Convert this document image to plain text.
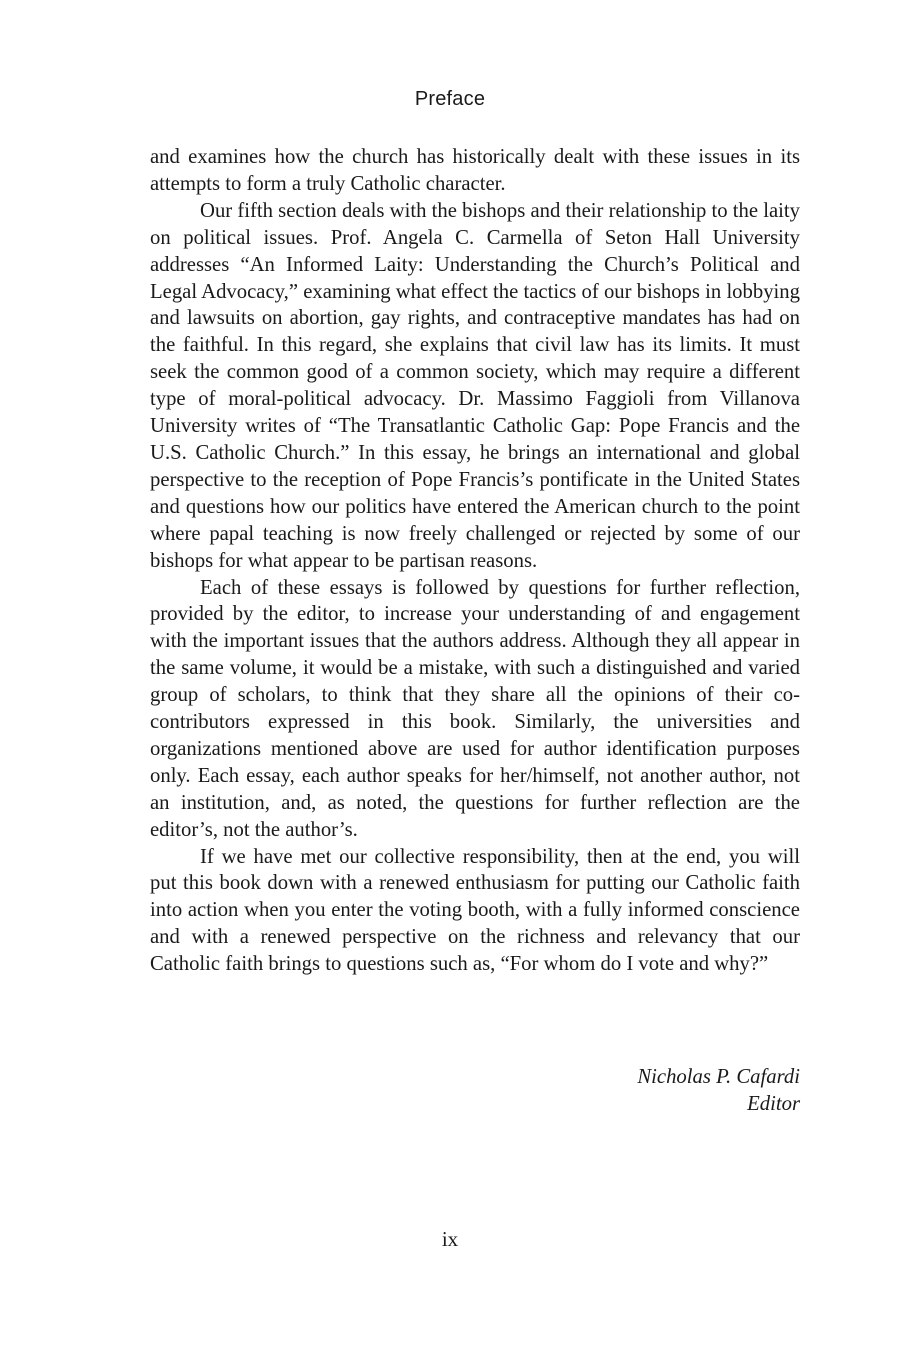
Preface

and examines how the church has historically dealt with these issues in its attempts to form a truly Catholic character.

Our fifth section deals with the bishops and their relationship to the laity on political issues. Prof. Angela C. Carmella of Seton Hall University addresses “An Informed Laity: Understanding the Church’s Political and Legal Advocacy,” examining what effect the tactics of our bishops in lobbying and lawsuits on abortion, gay rights, and contraceptive mandates has had on the faithful. In this regard, she explains that civil law has its limits. It must seek the common good of a common society, which may require a different type of moral-political advocacy. Dr. Massimo Faggioli from Villanova University writes of “The Transatlantic Catholic Gap: Pope Francis and the U.S. Catholic Church.” In this essay, he brings an international and global perspective to the reception of Pope Francis’s pontificate in the United States and questions how our politics have entered the American church to the point where papal teaching is now freely challenged or rejected by some of our bishops for what appear to be partisan reasons.

Each of these essays is followed by questions for further reflection, provided by the editor, to increase your understanding of and engagement with the important issues that the authors address. Although they all appear in the same volume, it would be a mistake, with such a distinguished and varied group of scholars, to think that they share all the opinions of their co-contributors expressed in this book. Similarly, the universities and organizations mentioned above are used for author identification purposes only. Each essay, each author speaks for her/​himself, not another author, not an institution, and, as noted, the questions for further reflection are the editor’s, not the author’s.

If we have met our collective responsibility, then at the end, you will put this book down with a renewed enthusiasm for putting our Catholic faith into action when you enter the voting booth, with a fully informed conscience and with a renewed perspective on the richness and relevancy that our Catholic faith brings to questions such as, “For whom do I vote and why?”

Nicholas P. Cafardi
Editor
ix
